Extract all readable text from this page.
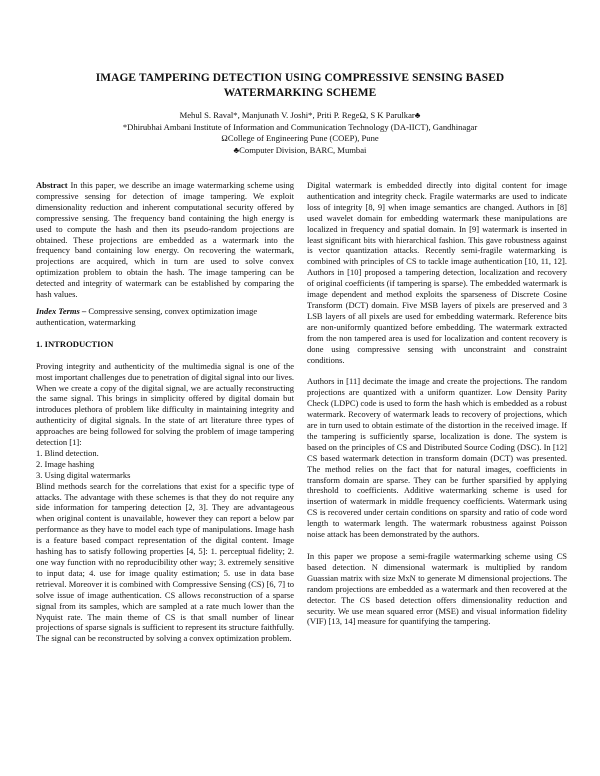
IMAGE TAMPERING DETECTION USING COMPRESSIVE SENSING BASED
WATERMARKING SCHEME
Mehul S. Raval*, Manjunath V. Joshi*, Priti P. RegeΩ, S K Parulkar♣
*Dhirubhai Ambani Institute of Information and Communication Technology (DA-IICT), Gandhinagar
ΩCollege of Engineering Pune (COEP), Pune
♣Computer Division, BARC, Mumbai

Abstract In this paper, we describe an image watermarking scheme using compressive sensing for detection of image tampering. We exploit dimensionality reduction and inherent computational security offered by compressive sensing. The frequency band containing the high energy is used to compute the hash and then its pseudo-random projections are obtained. These projections are embedded as a watermark into the frequency band containing low energy. On recovering the watermark, projections are acquired, which in turn are used to solve convex optimization problem to obtain the hash. The image tampering can be detected and integrity of watermark can be established by comparing the hash values.

Index Terms – Compressive sensing, convex optimization image authentication, watermarking

1. INTRODUCTION

Proving integrity and authenticity of the multimedia signal is one of the most important challenges due to penetration of digital signal into our lives. When we create a copy of the digital signal, we are actually reconstructing the same signal. This brings in simplicity offered by digital domain but introduces plethora of problem like difficulty in maintaining integrity and authenticity of digital signals. In the state of art literature three types of approaches are being followed for solving the problem of image tampering detection [1]:

1. Blind detection.

2. Image hashing

3. Using digital watermarks

Blind methods search for the correlations that exist for a specific type of attacks. The advantage with these schemes is that they do not require any side information for tampering detection [2, 3]. They are advantageous when original content is unavailable, however they can report a below par performance as they have to model each type of manipulations. Image hash is a feature based compact representation of the digital content. Image hashing has to satisfy following properties [4, 5]: 1. perceptual fidelity; 2. one way function with no reproducibility other way; 3. extremely sensitive to input data; 4. use for image quality estimation; 5. use in data base retrieval. Moreover it is combined with Compressive Sensing (CS) [6, 7] to solve issue of image authentication. CS allows reconstruction of a sparse signal from its samples, which are sampled at a rate much lower than the Nyquist rate. The main theme of CS is that small number of linear projections of sparse signals is sufficient to represent its structure faithfully. The signal can be reconstructed by solving a convex optimization problem.

Digital watermark is embedded directly into digital content for image authentication and integrity check. Fragile watermarks are used to indicate loss of integrity [8, 9] when image semantics are changed. Authors in [8] used wavelet domain for embedding watermark these manipulations are localized in frequency and spatial domain. In [9] watermark is inserted in least significant bits with hierarchical fashion. This gave robustness against is vector quantization attacks. Recently semi-fragile watermarking is combined with principles of CS to tackle image authentication [10, 11, 12]. Authors in [10] proposed a tampering detection, localization and recovery of original coefficients (if tampering is sparse). The embedded watermark is image dependent and method exploits the sparseness of Discrete Cosine Transform (DCT) domain. Five MSB layers of pixels are preserved and 3 LSB layers of all pixels are used for embedding watermark. Reference bits are non-uniformly quantized before embedding. The watermark extracted from the non tampered area is used for localization and content recovery is done using compressive sensing with unconstraint and constraint conditions.

Authors in [11] decimate the image and create the projections. The random projections are quantized with a uniform quantizer. Low Density Parity Check (LDPC) code is used to form the hash which is embedded as a robust watermark. Recovery of watermark leads to recovery of projections, which are in turn used to obtain estimate of the distortion in the received image. If the tampering is sufficiently sparse, localization is done. The system is based on the principles of CS and Distributed Source Coding (DSC). In [12] CS based watermark detection in transform domain (DCT) was presented. The method relies on the fact that for natural images, coefficients in transform domain are sparse. They can be further sparsified by applying threshold to coefficients. Additive watermarking scheme is used for insertion of watermark in middle frequency coefficients. Watermark using CS is recovered under certain conditions on sparsity and ratio of code word length to watermark length. The watermark robustness against Poisson noise attack has been demonstrated by the authors.

In this paper we propose a semi-fragile watermarking scheme using CS based detection. N dimensional watermark is multiplied by random Guassian matrix with size MxN to generate M dimensional projections. The random projections are embedded as a watermark and then recovered at the detector. The CS based detection offers dimensionality reduction and security. We use mean squared error (MSE) and visual information fidelity (VIF) [13, 14] measure for quantifying the tampering.
